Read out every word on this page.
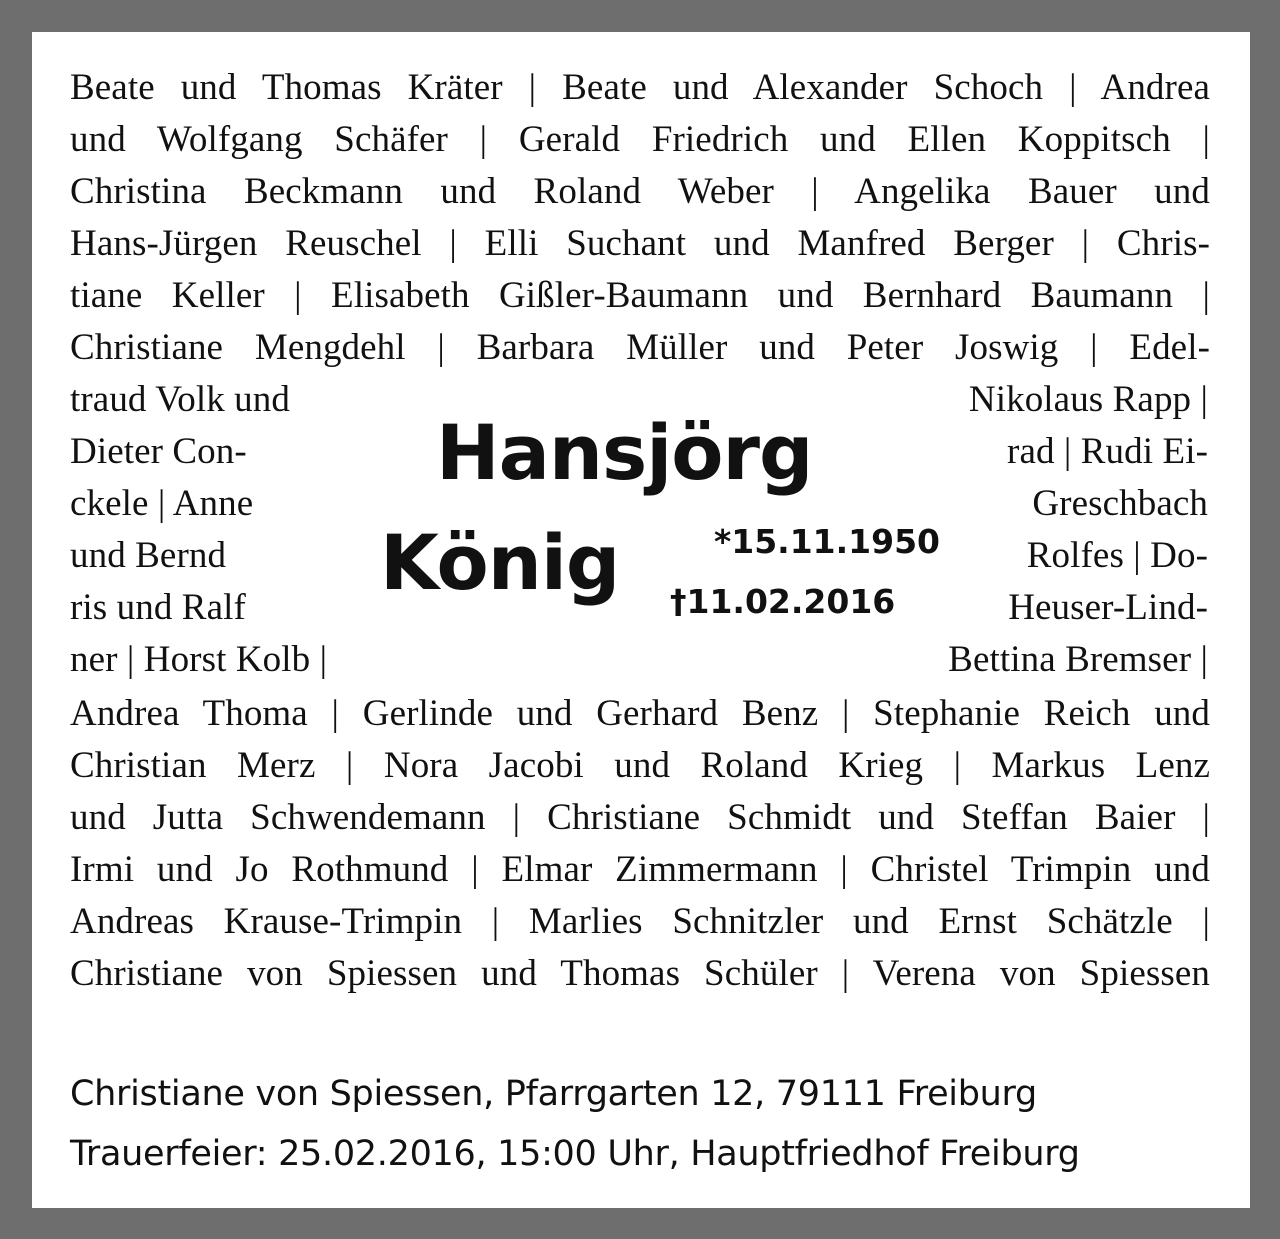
Beate und Thomas Kräter | Beate und Alexander Schoch | Andrea
und Wolfgang Schäfer | Gerald Friedrich und Ellen Koppitsch |
Christina Beckmann und Roland Weber | Angelika Bauer und
Hans-Jürgen Reuschel | Elli Suchant und Manfred Berger | Chris-
tiane Keller | Elisabeth Gißler-Baumann und Bernhard Baumann |
Christiane Mengdehl | Barbara Müller und Peter Joswig | Edel-
traud Volk und
Dieter Con-
ckele | Anne
und Bernd
ris und Ralf
ner | Horst Kolb |
Nikolaus Rapp |
rad | Rudi Ei-
Greschbach
Rolfes | Do-
Heuser-Lind-
Bettina Bremser |
Hansjörg
König	*15.11.1950
†11.02.2016
Andrea Thoma | Gerlinde und Gerhard Benz | Stephanie Reich und
Christian Merz | Nora Jacobi und Roland Krieg | Markus Lenz
und Jutta Schwendemann | Christiane Schmidt und Steffan Baier |
Irmi und Jo Rothmund | Elmar Zimmermann | Christel Trimpin und
Andreas Krause-Trimpin | Marlies Schnitzler und Ernst Schätzle |
Christiane von Spiessen und Thomas Schüler | Verena von Spiessen
Christiane von Spiessen, Pfarrgarten 12, 79111 Freiburg
Trauerfeier: 25.02.2016, 15:00 Uhr, Hauptfriedhof Freiburg
